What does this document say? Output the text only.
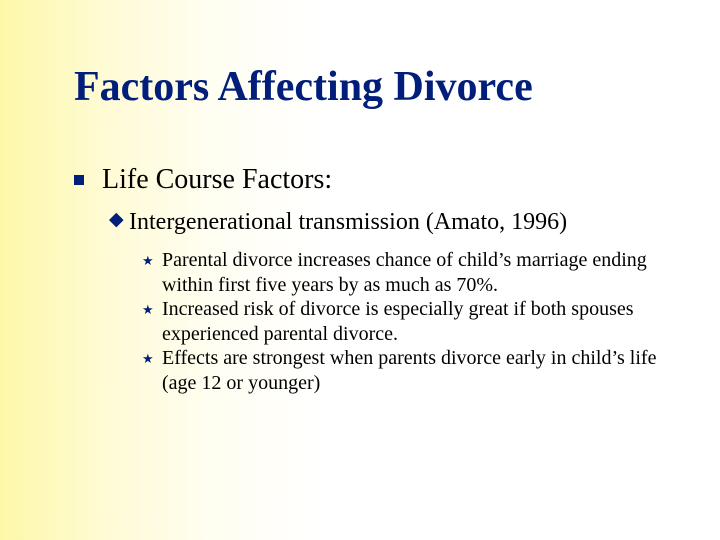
Factors Affecting Divorce
Life Course Factors:
◆ Intergenerational transmission (Amato, 1996)
★ Parental divorce increases chance of child’s marriage ending within first five years by as much as 70%.
★ Increased risk of divorce is especially great if both spouses experienced parental divorce.
★ Effects are strongest when parents divorce early in child’s life (age 12 or younger)
